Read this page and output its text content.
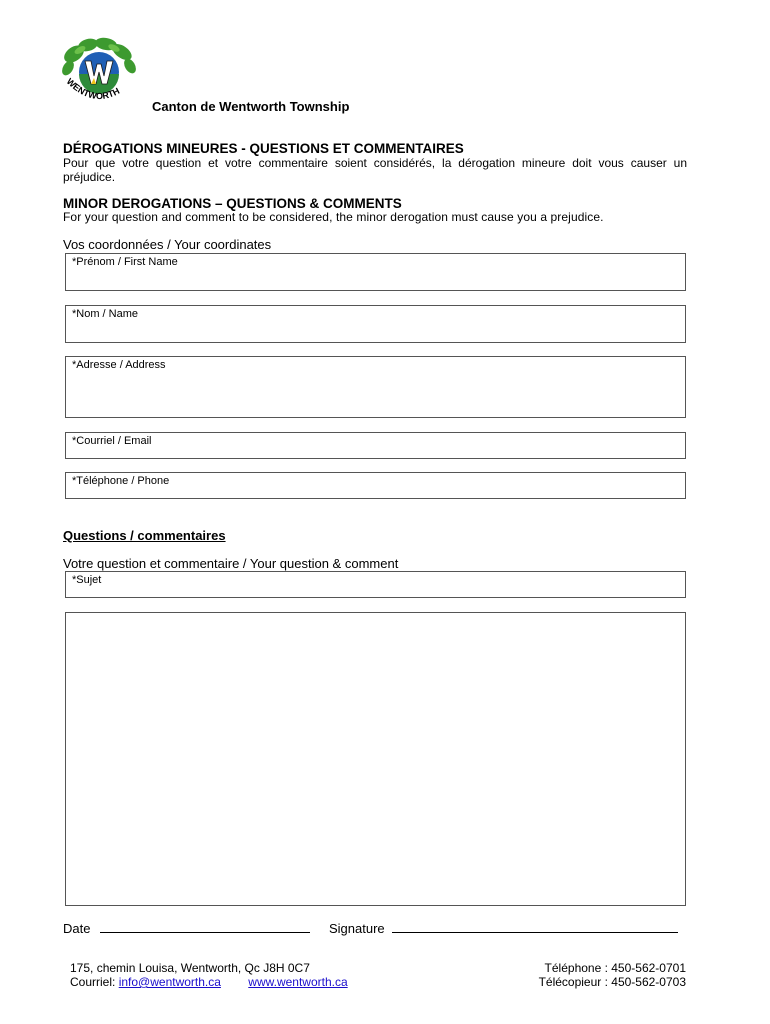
WENTWORTH
Canton de Wentworth Township
DÉROGATIONS MINEURES - QUESTIONS ET COMMENTAIRES
Pour que votre question et votre commentaire soient considérés, la dérogation mineure doit vous causer un préjudice.
MINOR DEROGATIONS – QUESTIONS & COMMENTS
For your question and comment to be considered, the minor derogation must cause you a prejudice.
Vos coordonnées / Your coordinates
*Prénom / First Name
*Nom / Name
*Adresse / Address
*Courriel / Email
*Téléphone / Phone
Questions / commentaires
Votre question et commentaire / Your question & comment
*Sujet
Date	Signature
175, chemin Louisa, Wentworth, Qc J8H 0C7
Courriel: info@wentworth.ca www.wentworth.ca
Téléphone : 450-562-0701
Télécopieur : 450-562-0703
